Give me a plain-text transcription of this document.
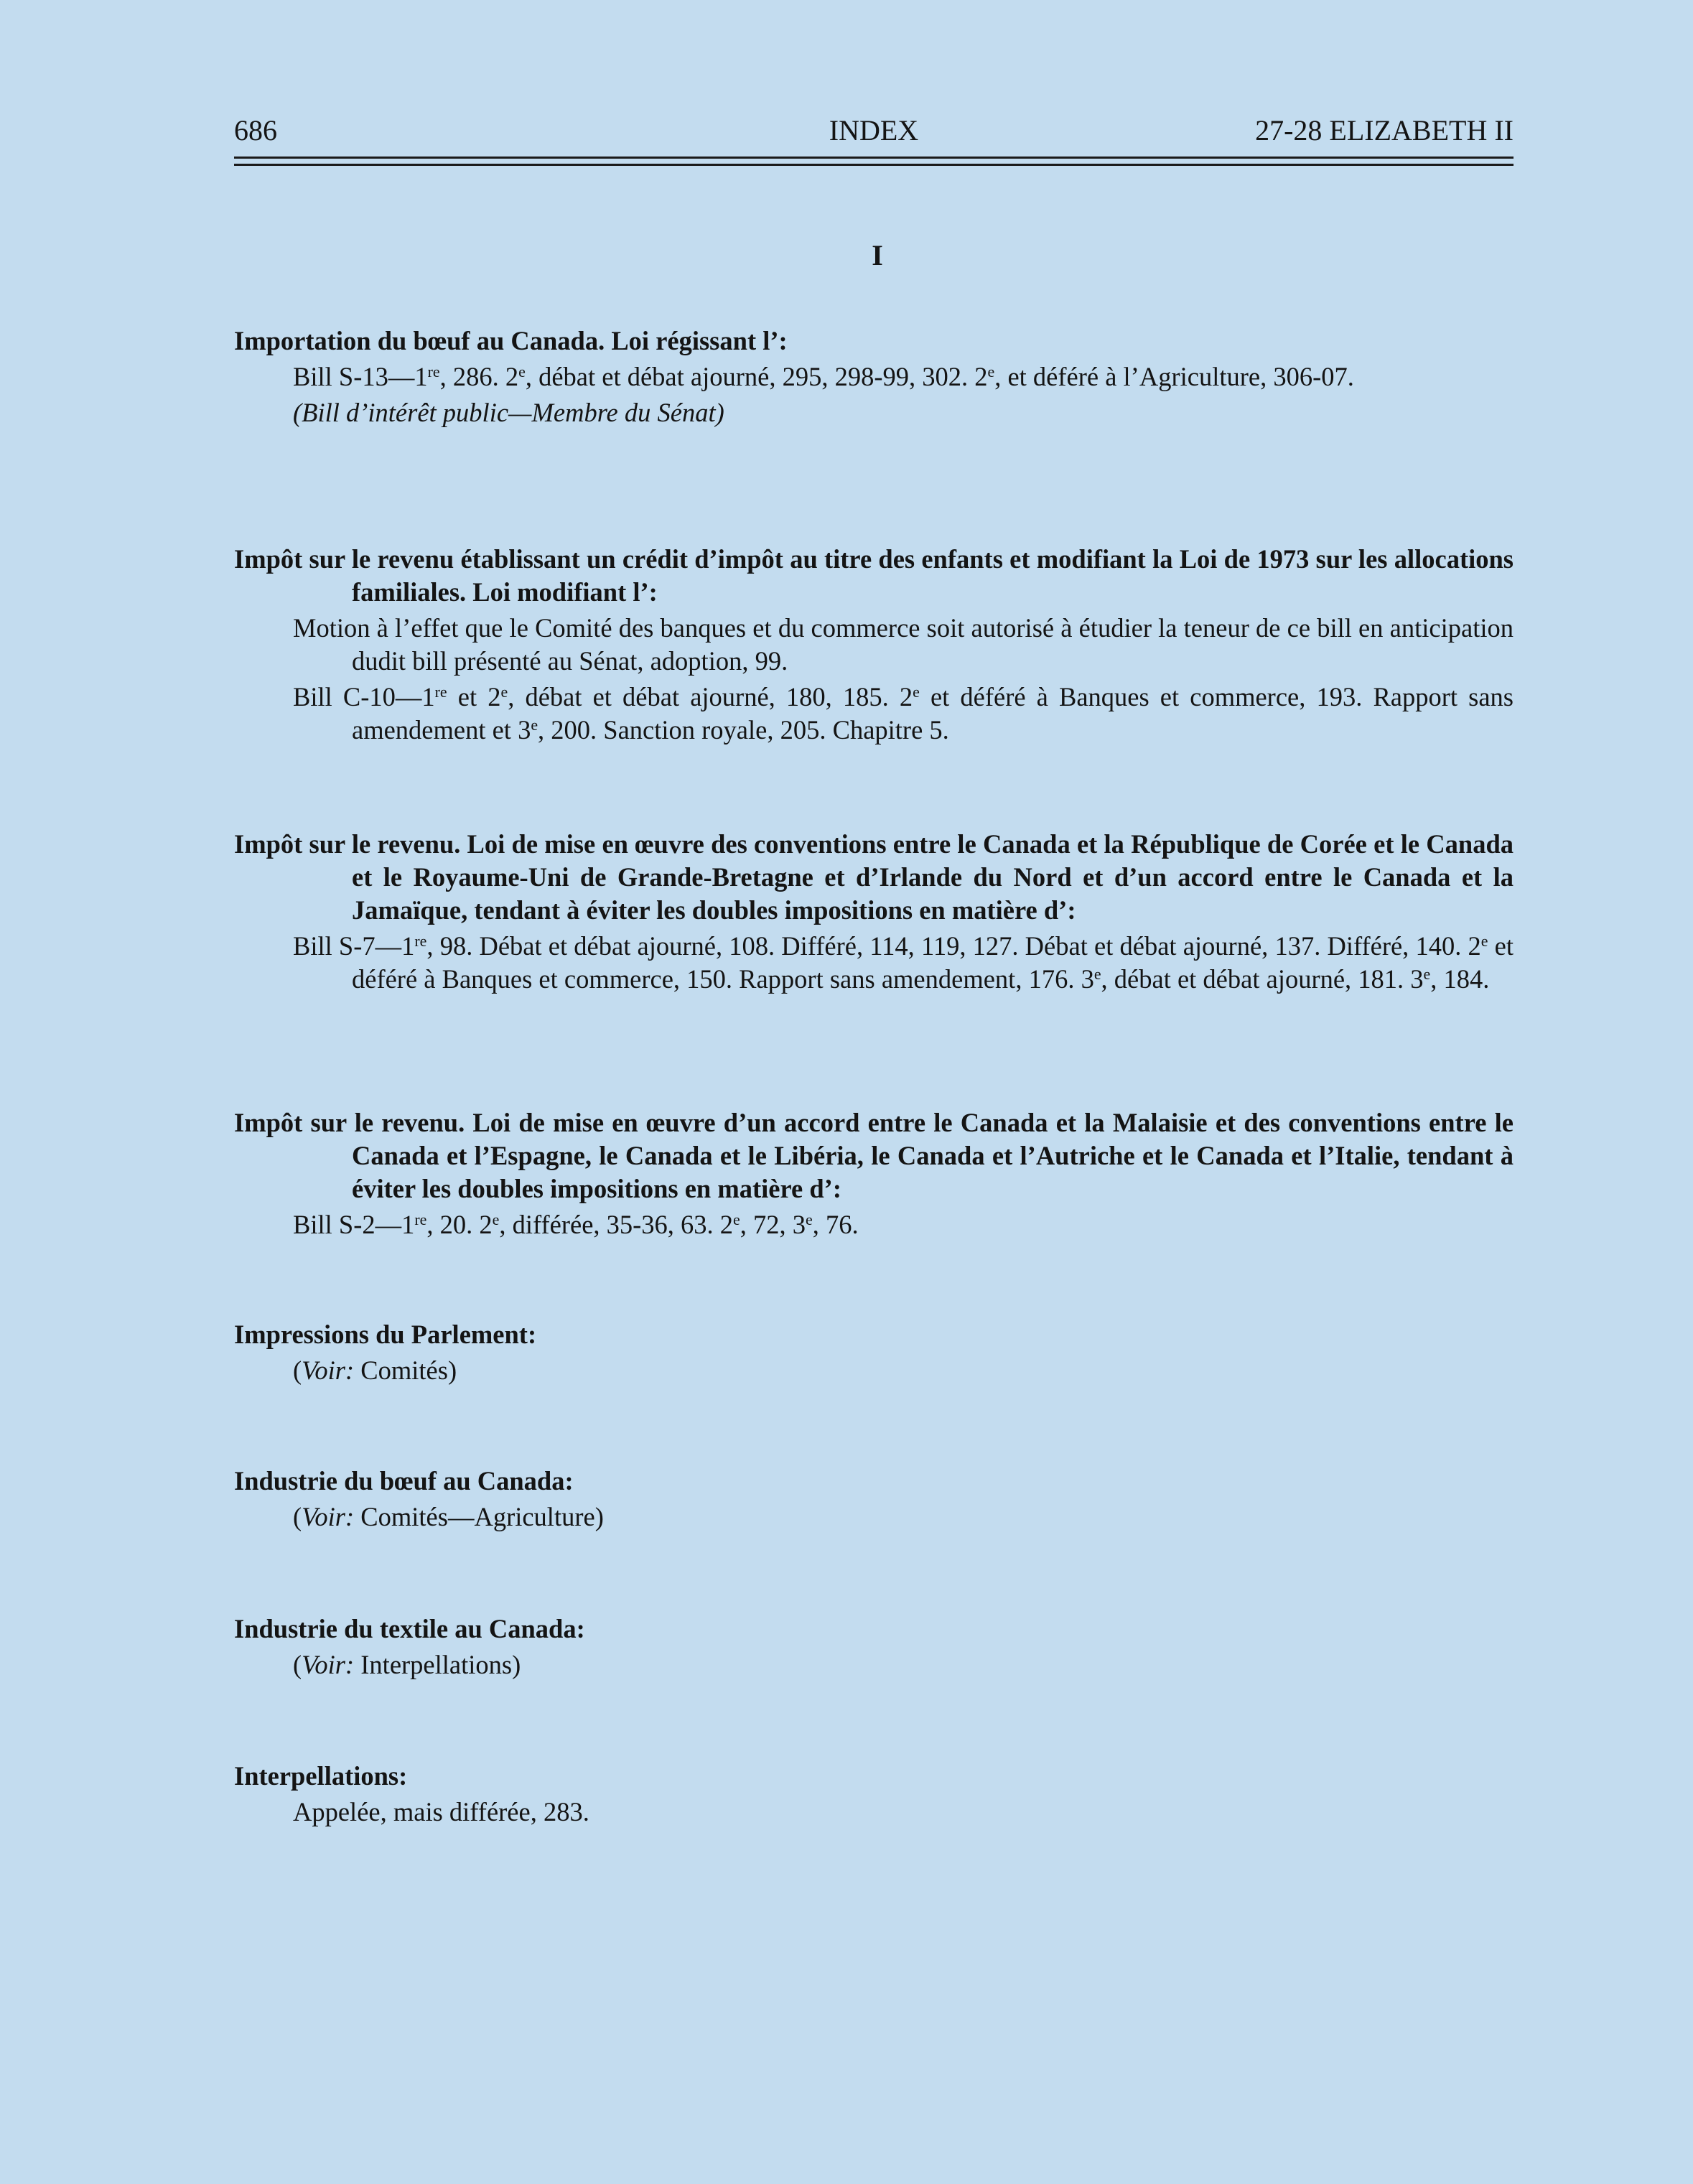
686	INDEX	27-28 ELIZABETH II
I
Importation du bœuf au Canada. Loi régissant l’:
Bill S-13—1re, 286. 2e, débat et débat ajourné, 295, 298-99, 302. 2e, et déféré à l’Agriculture, 306-07.
(Bill d’intérêt public—Membre du Sénat)
Impôt sur le revenu établissant un crédit d’impôt au titre des enfants et modifiant la Loi de 1973 sur les allocations familiales. Loi modifiant l’:
Motion à l’effet que le Comité des banques et du commerce soit autorisé à étudier la teneur de ce bill en anticipation dudit bill présenté au Sénat, adoption, 99.
Bill C-10—1re et 2e, débat et débat ajourné, 180, 185. 2e et déféré à Banques et commerce, 193. Rapport sans amendement et 3e, 200. Sanction royale, 205. Chapitre 5.
Impôt sur le revenu. Loi de mise en œuvre des conventions entre le Canada et la République de Corée et le Canada et le Royaume-Uni de Grande-Bretagne et d’Irlande du Nord et d’un accord entre le Canada et la Jamaïque, tendant à éviter les doubles impositions en matière d’:
Bill S-7—1re, 98. Débat et débat ajourné, 108. Différé, 114, 119, 127. Débat et débat ajourné, 137. Différé, 140. 2e et déféré à Banques et commerce, 150. Rapport sans amendement, 176. 3e, débat et débat ajourné, 181. 3e, 184.
Impôt sur le revenu. Loi de mise en œuvre d’un accord entre le Canada et la Malaisie et des conventions entre le Canada et l’Espagne, le Canada et le Libéria, le Canada et l’Autriche et le Canada et l’Italie, tendant à éviter les doubles impositions en matière d’:
Bill S-2—1re, 20. 2e, différée, 35-36, 63. 2e, 72, 3e, 76.
Impressions du Parlement:
(Voir: Comités)
Industrie du bœuf au Canada:
(Voir: Comités—Agriculture)
Industrie du textile au Canada:
(Voir: Interpellations)
Interpellations:
Appelée, mais différée, 283.
